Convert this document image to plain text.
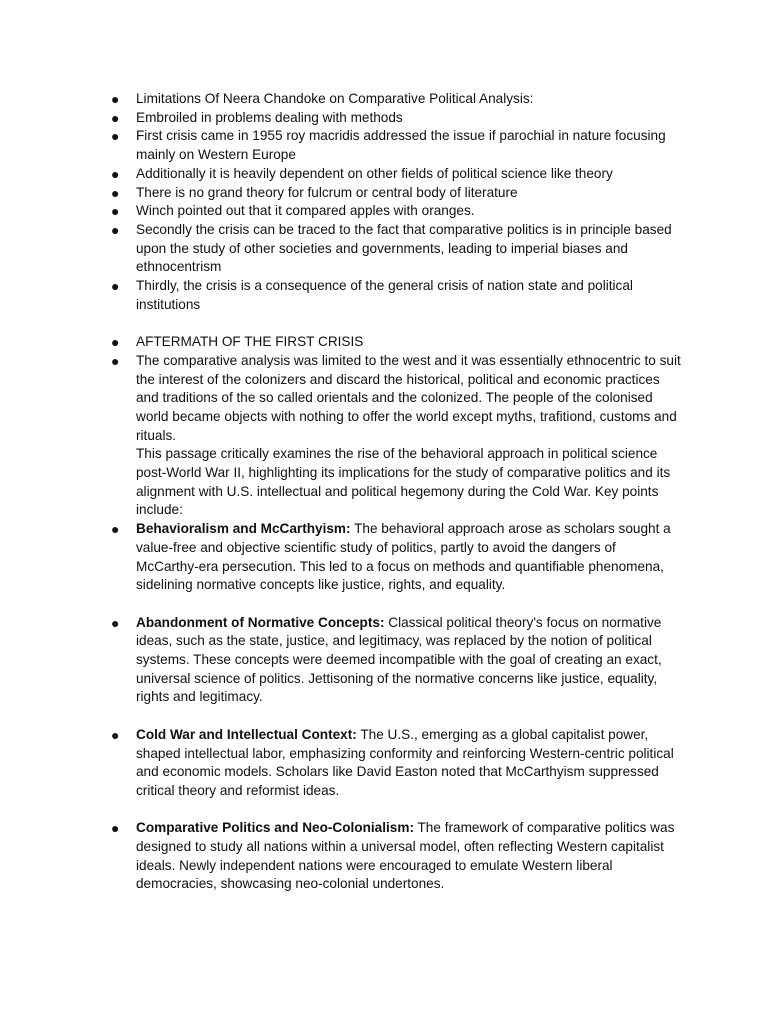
●	Limitations Of Neera Chandoke on Comparative Political Analysis:
●	Embroiled in problems dealing with methods
●	First crisis came in 1955 roy macridis addressed the issue if parochial in nature focusing mainly on Western Europe
●	Additionally it is heavily dependent on other fields of political science like theory
●	There is no grand theory for fulcrum or central body of literature
●	Winch pointed out that it compared apples with oranges.
●	Secondly the crisis can be traced to the fact that comparative politics is in principle based upon the study of other societies and governments, leading to imperial biases and ethnocentrism
●	Thirdly, the crisis is a consequence of the general crisis of nation state and political institutions
●	AFTERMATH OF THE FIRST CRISIS
●	The comparative analysis was limited to the west and it was essentially ethnocentric to suit the interest of the colonizers and discard the historical, political and economic practices and traditions of the so called orientals and the colonized. The people of the colonised world became objects with nothing to offer the world except myths, trafitiond, customs and rituals.
This passage critically examines the rise of the behavioral approach in political science post-World War II, highlighting its implications for the study of comparative politics and its alignment with U.S. intellectual and political hegemony during the Cold War. Key points include:
●	Behavioralism and McCarthyism: The behavioral approach arose as scholars sought a value-free and objective scientific study of politics, partly to avoid the dangers of McCarthy-era persecution. This led to a focus on methods and quantifiable phenomena, sidelining normative concepts like justice, rights, and equality.
●	Abandonment of Normative Concepts: Classical political theory's focus on normative ideas, such as the state, justice, and legitimacy, was replaced by the notion of political systems. These concepts were deemed incompatible with the goal of creating an exact, universal science of politics. Jettisoning of the normative concerns like justice, equality, rights and legitimacy.
●	Cold War and Intellectual Context: The U.S., emerging as a global capitalist power, shaped intellectual labor, emphasizing conformity and reinforcing Western-centric political and economic models. Scholars like David Easton noted that McCarthyism suppressed critical theory and reformist ideas.
●	Comparative Politics and Neo-Colonialism: The framework of comparative politics was designed to study all nations within a universal model, often reflecting Western capitalist ideals. Newly independent nations were encouraged to emulate Western liberal democracies, showcasing neo-colonial undertones.
